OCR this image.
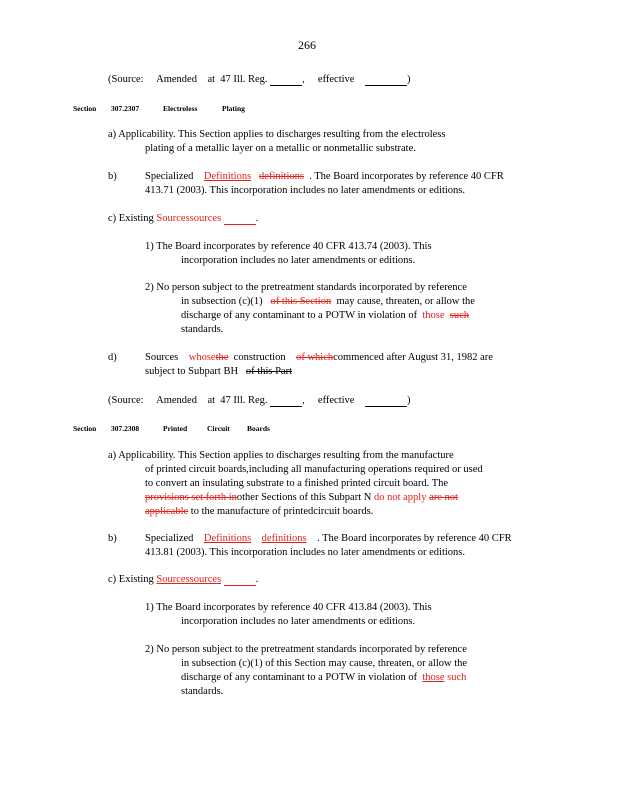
266
(Source: Amended at 47 Ill. Reg.	, effective	)
Section 307.2307	Electroless	Plating
a) Applicability. This Section applies to discharges resulting from the electroless
plating of a metallic layer on a metallic or nonmetallic substrate.
b)	Specialized Definitions definitions . The Board incorporates by reference 40 CFR
413.71 (2003). This incorporation includes no later amendments or editions.
c) Existing Sourcessources	.
1) The Board incorporates by reference 40 CFR 413.74 (2003). This
incorporation includes no later amendments or editions.
2) No person subject to the pretreatment standards incorporated by reference
in subsection (c)(1) of this Section may cause, threaten, or allow the
discharge of any contaminant to a POTW in violation of those such
standards.
d)	Sources whosethe construction of whichcommenced after August 31, 1982 are
subject to Subpart BH of this Part
(Source: Amended at 47 Ill. Reg.	, effective	)
Section 307.2308	Printed	Circuit Boards
a) Applicability. This Section applies to discharges resulting from the manufacture
of printed circuit boards,including all manufacturing operations required or used
to convert an insulating substrate to a finished printed circuit board. The
provisions set forth inother Sections of this Subpart N do not apply are not
applicable to the manufacture of printedcircuit boards.
b)	Specialized Definitions definitions . The Board incorporates by reference 40 CFR
413.81 (2003). This incorporation includes no later amendments or editions.
c) Existing Sourcessources	.
1) The Board incorporates by reference 40 CFR 413.84 (2003). This
incorporation includes no later amendments or editions.
2) No person subject to the pretreatment standards incorporated by reference
in subsection (c)(1) of this Section may cause, threaten, or allow the
discharge of any contaminant to a POTW in violation of those such
standards.
